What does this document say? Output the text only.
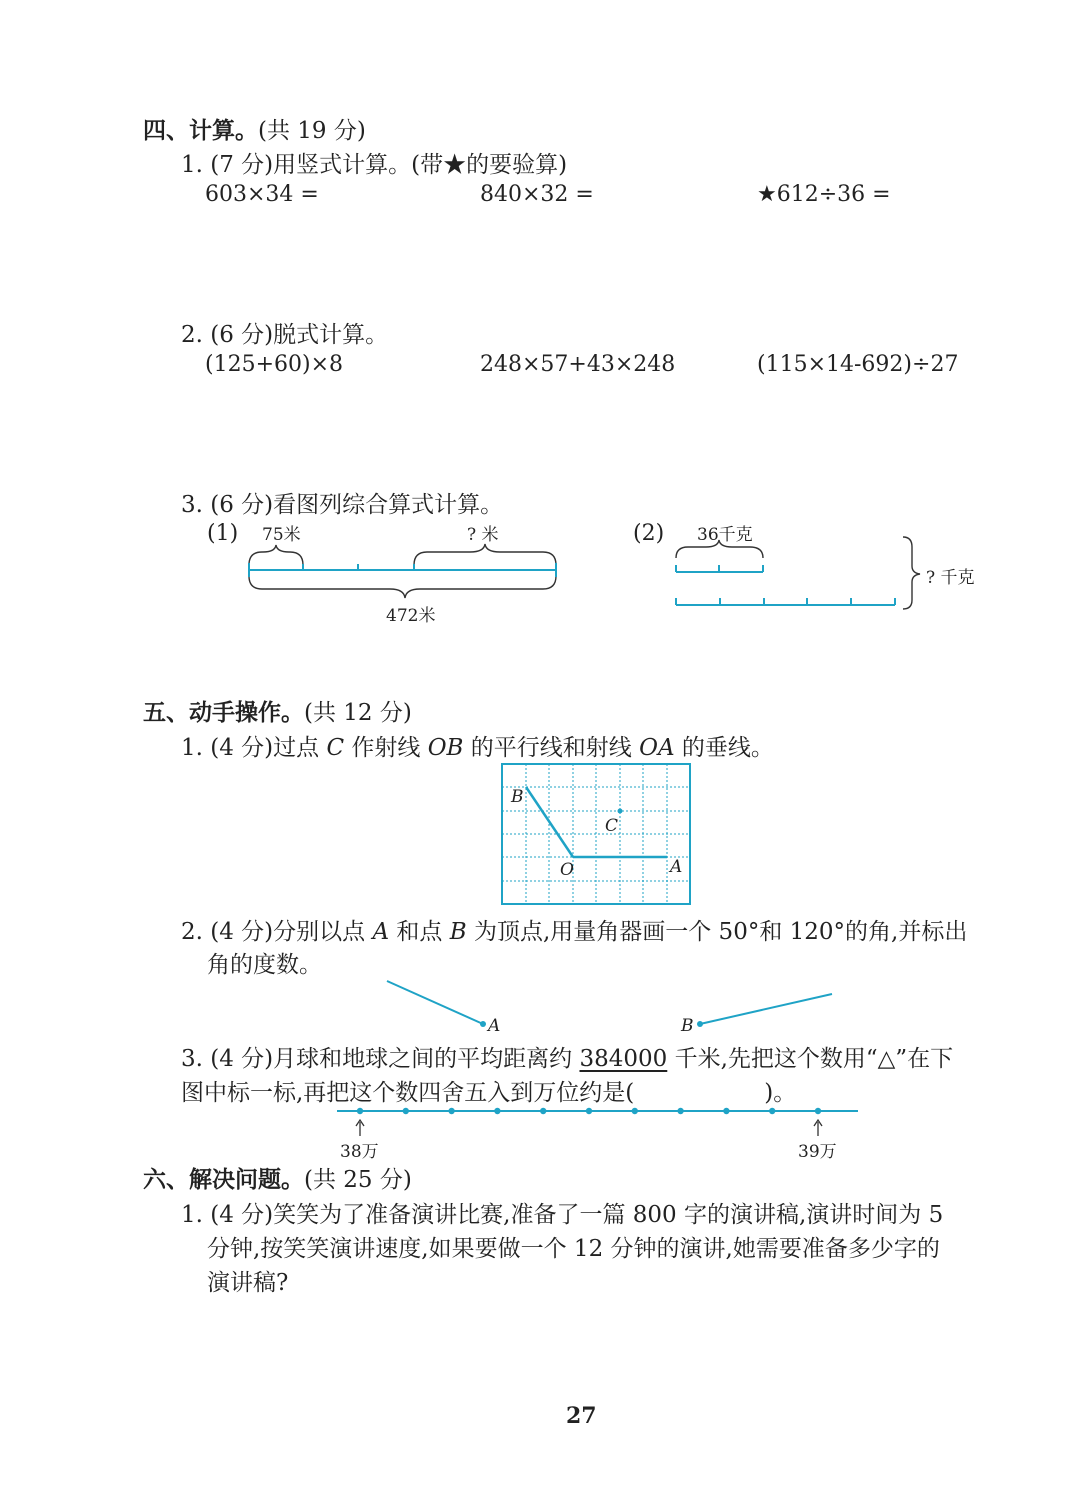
四、计算。(共 19 分)
1. (7 分)用竖式计算。(带★的要验算)
603×34 =	840×32 =	★612÷36 =
2. (6 分)脱式计算。
(125+60)×8	248×57+43×248	(115×14-692)÷27
3. (6 分)看图列综合算式计算。
(1) 75米	? 米
472米
(2) 36千克
? 千克
五、动手操作。(共 12 分)
1. (4 分)过点 C 作射线 OB 的平行线和射线 OA 的垂线。
B
C
O	A
2. (4 分)分别以点 A 和点 B 为顶点,用量角器画一个 50°和 120°的角,并标出
角的度数。
A	B
3. (4 分)月球和地球之间的平均距离约 384000 千米,先把这个数用“△”在下
图中标一标,再把这个数四舍五入到万位约是(	)。
38万	39万
六、解决问题。(共 25 分)
1. (4 分)笑笑为了准备演讲比赛,准备了一篇 800 字的演讲稿,演讲时间为 5
分钟,按笑笑演讲速度,如果要做一个 12 分钟的演讲,她需要准备多少字的
演讲稿?
27
